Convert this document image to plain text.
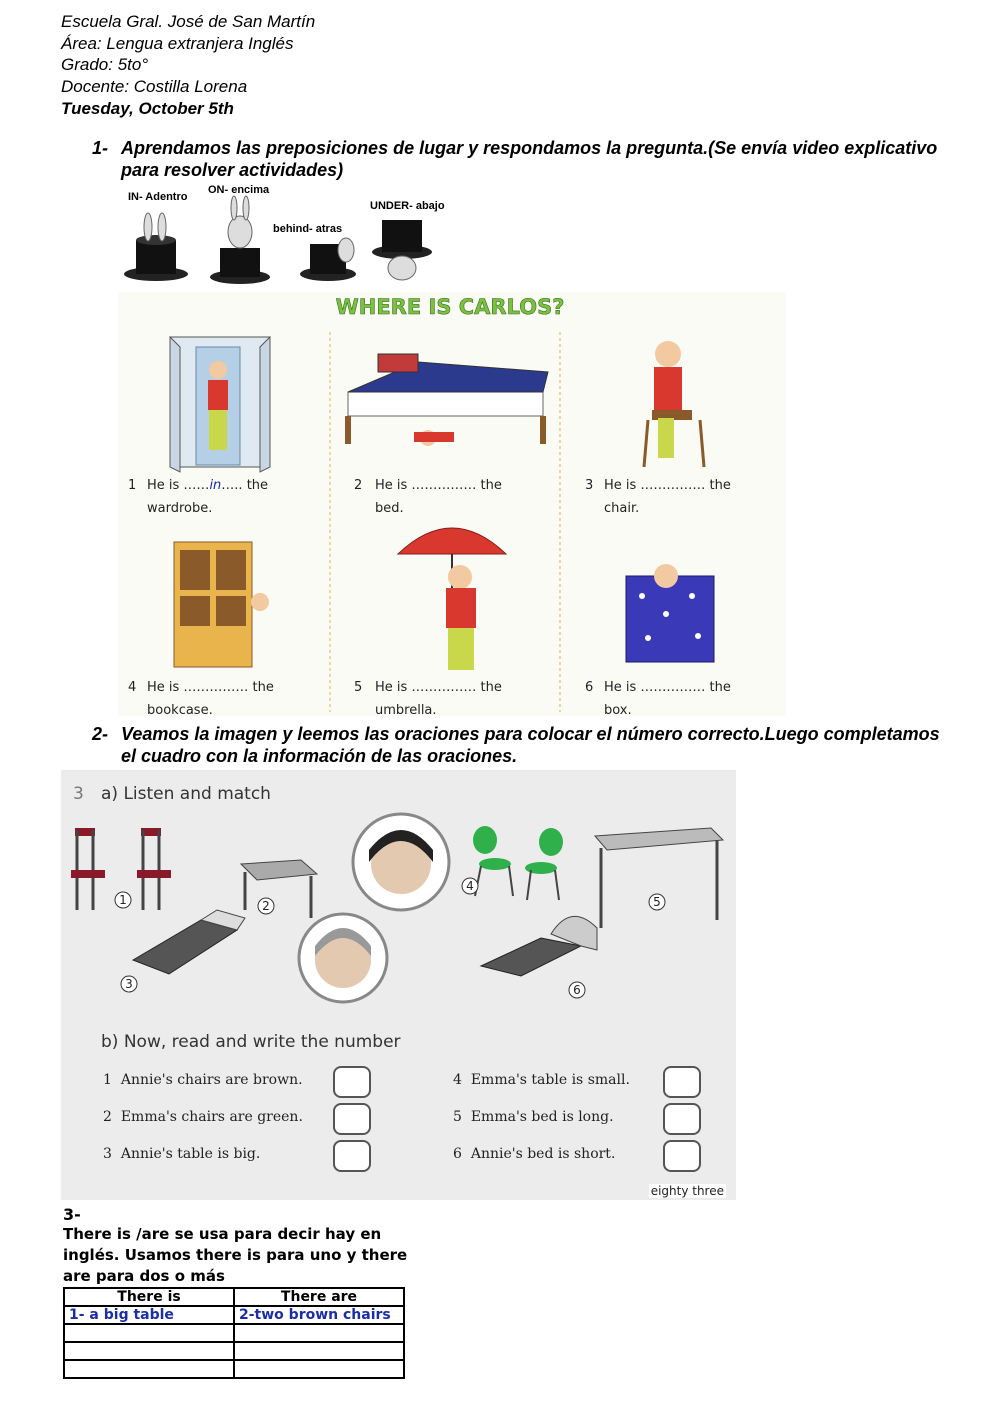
Escuela Gral. José de San Martín
Área: Lengua extranjera Inglés
Grado: 5to°
Docente: Costilla Lorena
Tuesday, October 5th
1- Aprendamos las preposiciones de lugar y respondamos la pregunta.(Se envía video explicativo para resolver actividades)
IN- Adentro
ON- encima
behind- atras
UNDER- abajo
WHERE IS CARLOS?
1 He is ……in….. the
wardrobe.
2 He is …………… the
bed.
3 He is …………… the
chair.
4 He is …………… the
bookcase.
5 He is …………… the
umbrella.
6 He is …………… the
box.
2- Veamos la imagen y leemos las oraciones para colocar el número correcto.Luego completamos el cuadro con la información de las oraciones.
3 a) Listen and match
1	2
3
4
5
6
b) Now, read and write the number
1 Annie's chairs are brown.
2 Emma's chairs are green.
3 Annie's table is big.
4 Emma's table is small.
5 Emma's bed is long.
6 Annie's bed is short.
eighty three
3-
There is /are se usa para decir hay en
inglés. Usamos there is para uno y there
are para dos o más
There is	There are
1- a big table	2-two brown chairs
